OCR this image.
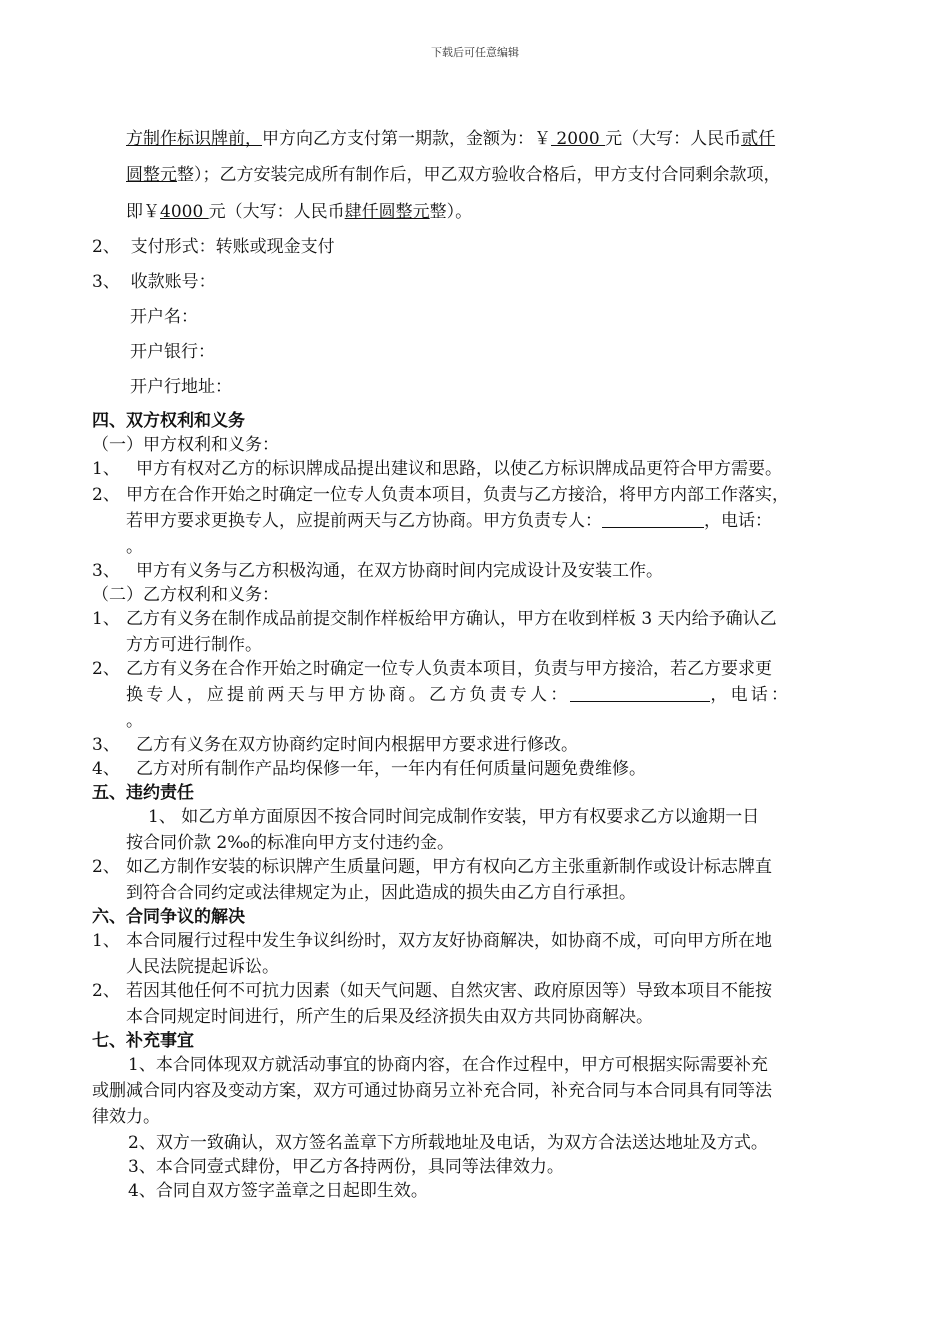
下载后可任意编辑
方制作标识牌前，甲方向乙方支付第一期款，金额为：￥ 2000 元（大写：人民币贰仟
圆整元整）；乙方安装完成所有制作后，甲乙双方验收合格后，甲方支付合同剩余款项，
即￥4000 元（大写：人民币肆仟圆整元整）。
2、 支付形式：转账或现金支付
3、 收款账号：
开户名：
开户银行：
开户行地址：
四、双方权利和义务
（一）甲方权利和义务：
1、 甲方有权对乙方的标识牌成品提出建议和思路，以使乙方标识牌成品更符合甲方需要。
2、 甲方在合作开始之时确定一位专人负责本项目，负责与乙方接洽，将甲方内部工作落实，
若甲方要求更换专人，应提前两天与乙方协商。甲方负责专人：	，电话：
。
3、 甲方有义务与乙方积极沟通，在双方协商时间内完成设计及安装工作。
（二）乙方权利和义务：
1、 乙方有义务在制作成品前提交制作样板给甲方确认，甲方在收到样板 3 天内给予确认乙
方方可进行制作。
2、 乙方有义务在合作开始之时确定一位专人负责本项目，负责与甲方接洽，若乙方要求更
换专人，应提前两天与甲方协商。乙方负责专人：	，电话：
。
3、 乙方有义务在双方协商约定时间内根据甲方要求进行修改。
4、 乙方对所有制作产品均保修一年，一年内有任何质量问题免费维修。
五、违约责任
1、 如乙方单方面原因不按合同时间完成制作安装，甲方有权要求乙方以逾期一日
按合同价款 2‰的标准向甲方支付违约金。
2、 如乙方制作安装的标识牌产生质量问题，甲方有权向乙方主张重新制作或设计标志牌直
到符合合同约定或法律规定为止，因此造成的损失由乙方自行承担。
六、合同争议的解决
1、 本合同履行过程中发生争议纠纷时，双方友好协商解决，如协商不成，可向甲方所在地
人民法院提起诉讼。
2、 若因其他任何不可抗力因素（如天气问题、自然灾害、政府原因等）导致本项目不能按
本合同规定时间进行，所产生的后果及经济损失由双方共同协商解决。
七、补充事宜
1、本合同体现双方就活动事宜的协商内容，在合作过程中，甲方可根据实际需要补充
或删减合同内容及变动方案，双方可通过协商另立补充合同，补充合同与本合同具有同等法
律效力。
2、双方一致确认，双方签名盖章下方所载地址及电话，为双方合法送达地址及方式。
3、本合同壹式肆份，甲乙方各持两份，具同等法律效力。
4、合同自双方签字盖章之日起即生效。
